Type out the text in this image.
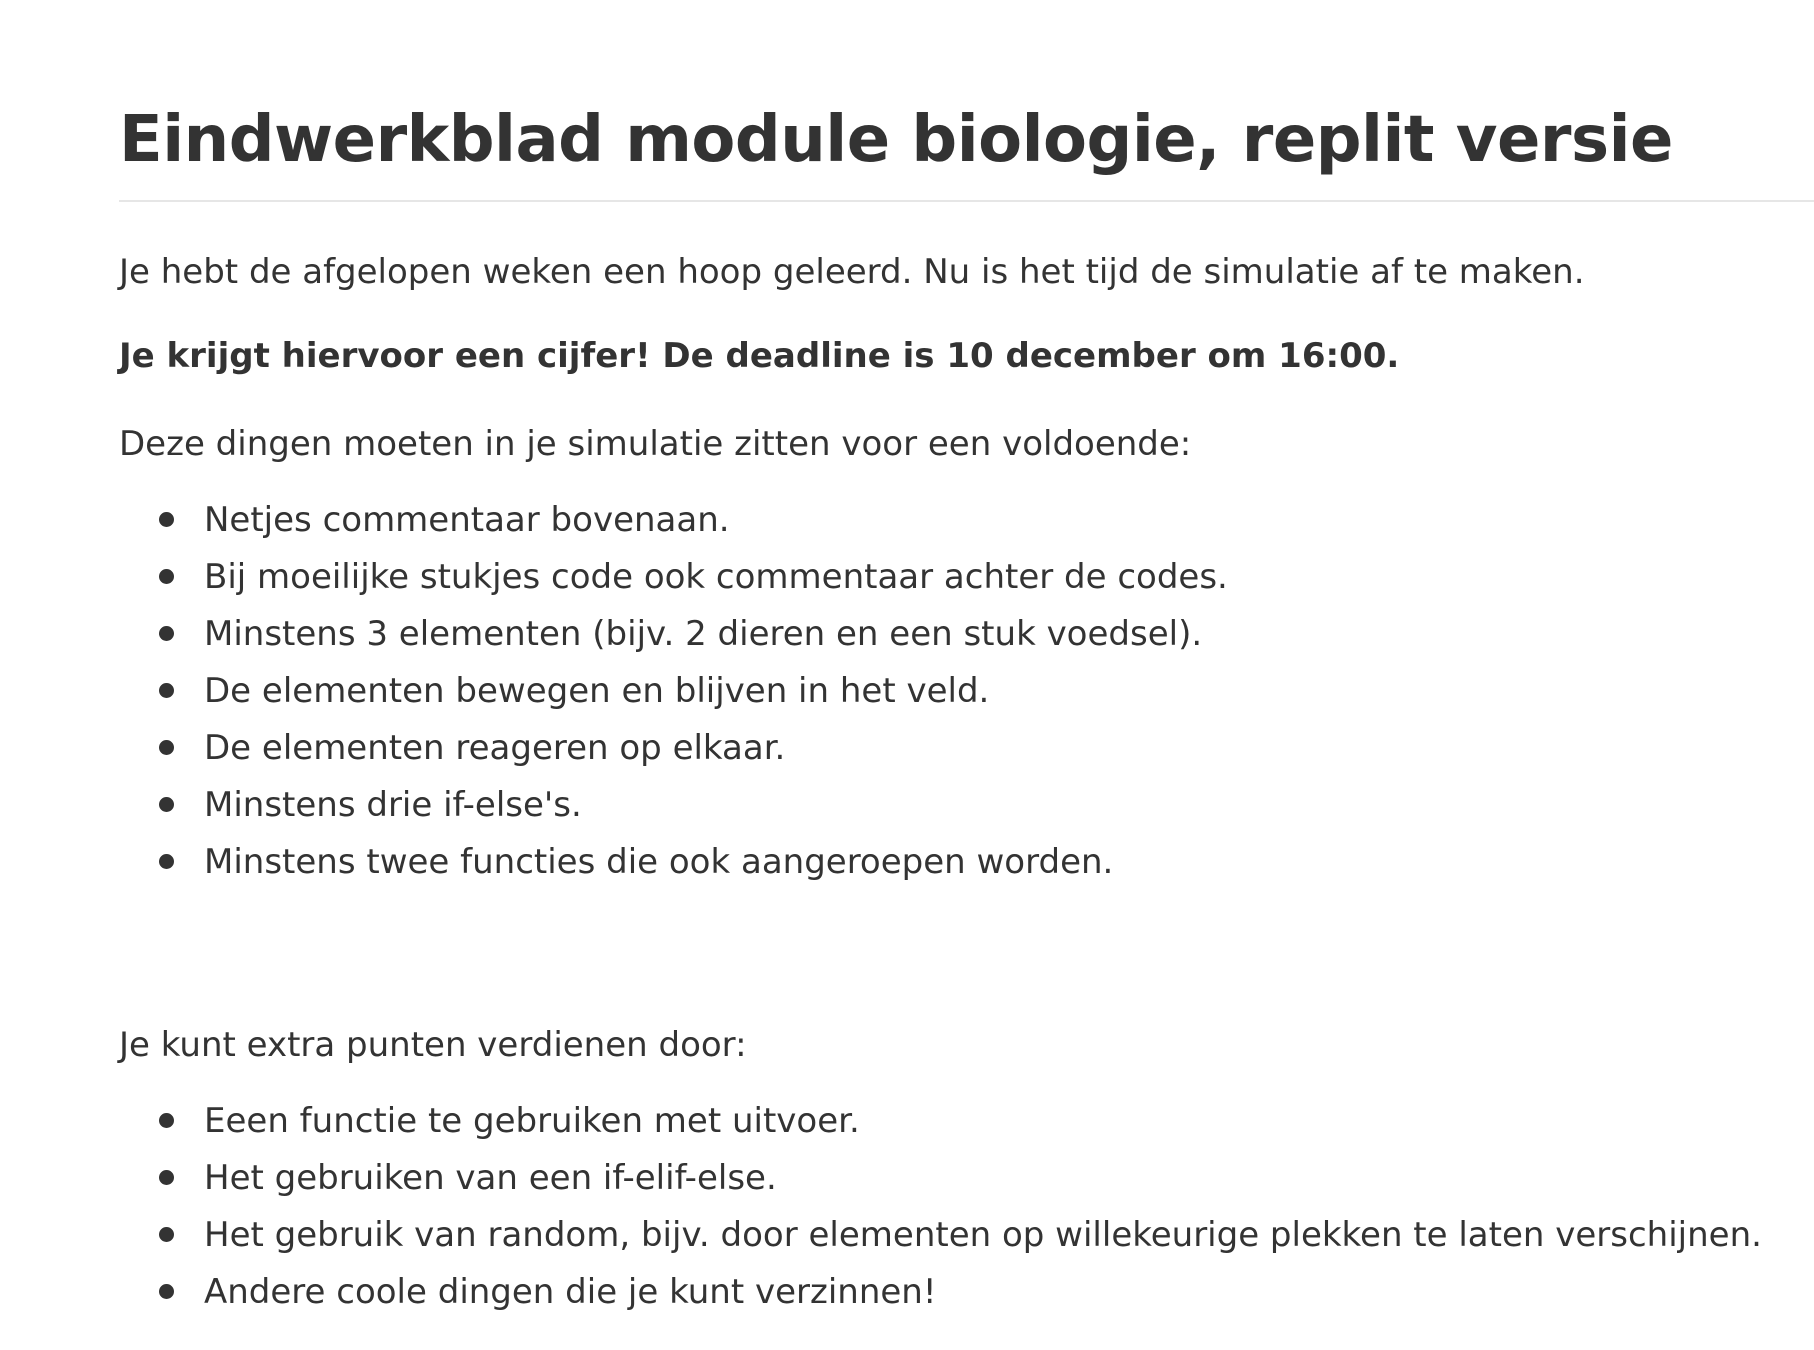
Eindwerkblad module biologie, replit versie

Je hebt de afgelopen weken een hoop geleerd. Nu is het tijd de simulatie af te maken.

Je krijgt hiervoor een cijfer! De deadline is 10 december om 16:00.

Deze dingen moeten in je simulatie zitten voor een voldoende:

Netjes commentaar bovenaan.
Bij moeilijke stukjes code ook commentaar achter de codes.
Minstens 3 elementen (bijv. 2 dieren en een stuk voedsel).
De elementen bewegen en blijven in het veld.
De elementen reageren op elkaar.
Minstens drie if-else's.
Minstens twee functies die ook aangeroepen worden.

Je kunt extra punten verdienen door:

Eeen functie te gebruiken met uitvoer.
Het gebruiken van een if-elif-else.
Het gebruik van random, bijv. door elementen op willekeurige plekken te laten verschijnen.
Andere coole dingen die je kunt verzinnen!
